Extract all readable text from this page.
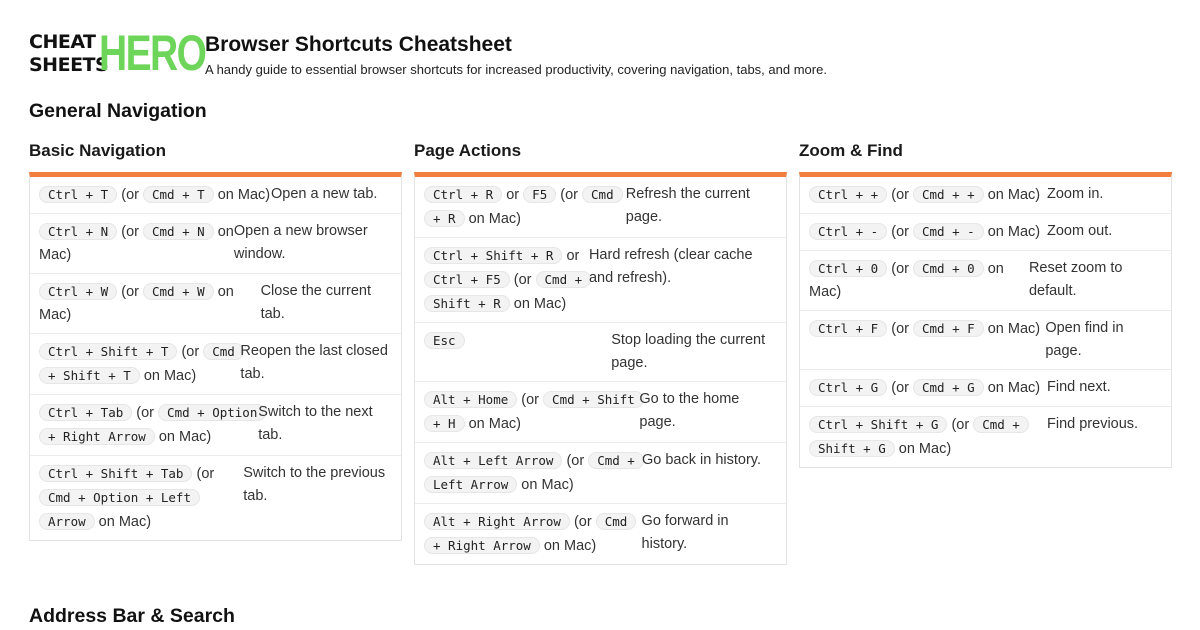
CHEAT
SHEETS
HERO Browser Shortcuts Cheatsheet

A handy guide to essential browser shortcuts for increased productivity, covering navigation, tabs, and more.

General Navigation
Basic Navigation
Ctrl + T (or Cmd + T on Mac) Open a new tab.
Ctrl + N (or Cmd + N on Mac)
Open a new browser window.
Ctrl + W (or Cmd + W on Mac)
Close the current tab.
Ctrl + Shift + T (or Cmd + Shift + T on Mac)
Reopen the last closed tab.
Ctrl + Tab (or Cmd + Option + Right Arrow on Mac)
Switch to the next tab.
Ctrl + Shift + Tab (or Cmd + Option + Left Arrow on Mac)
Switch to the previous tab.
Page Actions
Ctrl + R or F5 (or Cmd + R on Mac)
Refresh the current page.
Ctrl + Shift + R or Ctrl + F5 (or Cmd + Shift + R on Mac)
Hard refresh (clear cache and refresh).
Esc	Stop loading the current page.
Alt + Home (or Cmd + Shift + H on Mac)
Go to the home page.
Alt + Left Arrow (or Cmd + Left Arrow on Mac)
Go back in history.
Alt + Right Arrow (or Cmd + Right Arrow on Mac)
Go forward in history.
Zoom & Find
Ctrl + + (or Cmd + + on Mac) Zoom in.
Ctrl + - (or Cmd + - on Mac) Zoom out.
Ctrl + 0 (or Cmd + 0 on Mac)
Reset zoom to default.
Ctrl + F (or Cmd + F on Mac) Open find in page.
Ctrl + G (or Cmd + G on Mac) Find next.
Ctrl + Shift + G (or Cmd + Shift + G on Mac)
Find previous.
Address Bar & Search
